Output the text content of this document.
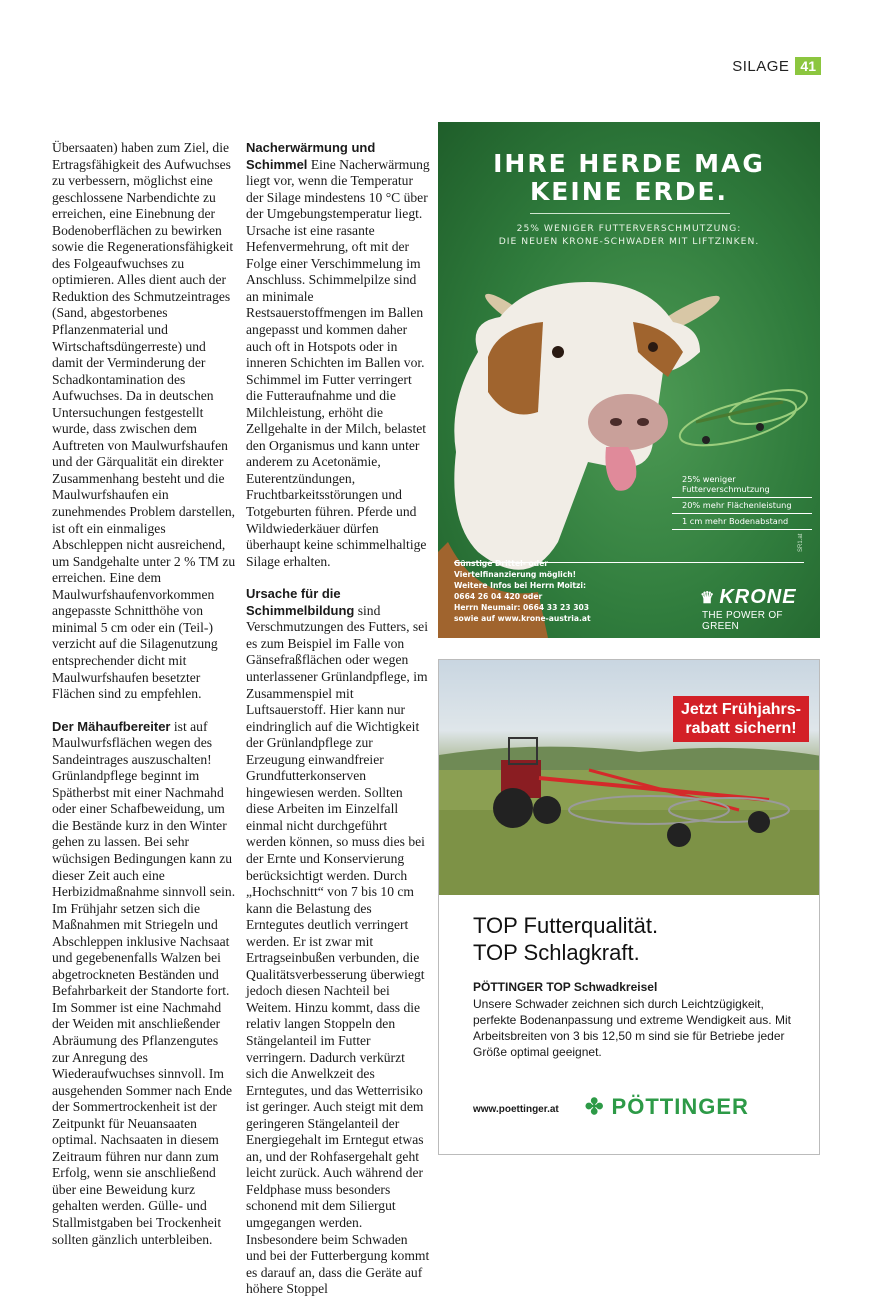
SILAGE 41

Übersaaten) haben zum Ziel, die Ertragsfähigkeit des Aufwuchses zu verbessern, möglichst eine geschlossene Narbendichte zu erreichen, eine Einebnung der Bodenoberflächen zu bewirken sowie die Regenerationsfähigkeit des Folgeaufwuchses zu optimieren. Alles dient auch der Reduktion des Schmutzeintrages (Sand, abgestorbenes Pflanzenmaterial und Wirtschaftsdüngerreste) und damit der Verminderung der Schadkontamination des Aufwuchses. Da in deutschen Untersuchungen festgestellt wurde, dass zwischen dem Auftreten von Maulwurfshaufen und der Gärqualität ein direkter Zusammenhang besteht und die Maulwurfshaufen ein zunehmendes Problem darstellen, ist oft ein einmaliges Abschleppen nicht ausreichend, um Sandgehalte unter 2 % TM zu erreichen. Eine dem Maulwurfshaufenvorkommen angepasste Schnitthöhe von minimal 5 cm oder ein (Teil-) verzicht auf die Silagenutzung entsprechender dicht mit Maulwurfshaufen besetzter Flächen sind zu empfehlen.

Der Mähaufbereiter ist auf Maulwurfsflächen wegen des Sandeintrages auszuschalten! Grünlandpflege beginnt im Spätherbst mit einer Nachmahd oder einer Schafbeweidung, um die Bestände kurz in den Winter gehen zu lassen. Bei sehr wüchsigen Bedingungen kann zu dieser Zeit auch eine Herbizidmaßnahme sinnvoll sein. Im Frühjahr setzen sich die Maßnahmen mit Striegeln und Abschleppen inklusive Nachsaat und gegebenenfalls Walzen bei abgetrockneten Beständen und Befahrbarkeit der Standorte fort. Im Sommer ist eine Nachmahd der Weiden mit anschließender Abräumung des Pflanzengutes zur Anregung des Wiederaufwuchses sinnvoll. Im ausgehenden Sommer nach Ende der Sommertrockenheit ist der Zeitpunkt für Neuansaaten optimal. Nachsaaten in diesem Zeitraum führen nur dann zum Erfolg, wenn sie anschließend über eine Beweidung kurz gehalten werden. Gülle- und Stallmistgaben bei Trockenheit sollten gänzlich unterbleiben.

Nacherwärmung und Schimmel Eine Nacherwärmung liegt vor, wenn die Temperatur der Silage mindestens 10 °C über der Umgebungstemperatur liegt. Ursache ist eine rasante Hefenvermehrung, oft mit der Folge einer Verschimmelung im Anschluss. Schimmelpilze sind an minimale Restsauerstoffmengen im Ballen angepasst und kommen daher auch oft in Hotspots oder in inneren Schichten im Ballen vor. Schimmel im Futter verringert die Futteraufnahme und die Milchleistung, erhöht die Zellgehalte in der Milch, belastet den Organismus und kann unter anderem zu Acetonämie, Euterentzündungen, Fruchtbarkeitsstörungen und Totgeburten führen. Pferde und Wildwiederkäuer dürfen überhaupt keine schimmelhaltige Silage erhalten.

Ursache für die Schimmelbildung sind Verschmutzungen des Futters, sei es zum Beispiel im Falle von Gänsefraßflächen oder wegen unterlassener Grünlandpflege, im Zusammenspiel mit Luftsauerstoff. Hier kann nur eindringlich auf die Wichtigkeit der Grünlandpflege zur Erzeugung einwandfreier Grundfutterkonserven hingewiesen werden. Sollten diese Arbeiten im Einzelfall einmal nicht durchgeführt werden können, so muss dies bei der Ernte und Konservierung berücksichtigt werden. Durch „Hochschnitt“ von 7 bis 10 cm kann die Belastung des Erntegutes deutlich verringert werden. Er ist zwar mit Ertragseinbußen verbunden, die Qualitätsverbesserung überwiegt jedoch diesen Nachteil bei Weitem. Hinzu kommt, dass die relativ langen Stoppeln den Stängelanteil im Futter verringern. Dadurch verkürzt sich die Anwelkzeit des Erntegutes, und das Wetterrisiko ist geringer. Auch steigt mit dem geringeren Stängelanteil der Energiegehalt im Erntegut etwas an, und der Rohfasergehalt geht leicht zurück. Auch während der Feldphase muss besonders schonend mit dem Siliergut umgegangen werden. Insbesondere beim Schwaden und bei der Futterbergung kommt es darauf an, dass die Geräte auf höhere Stoppel

IHRE HERDE MAG
KEINE ERDE.
25% WENIGER FUTTERVERSCHMUTZUNG:
DIE NEUEN KRONE-SCHWADER MIT LIFTZINKEN.
25% weniger Futterverschmutzung
20% mehr Flächenleistung
1 cm mehr Bodenabstand
Günstige Drittel- oder
Viertelfinanzierung möglich!
Weitere Infos bei Herrn Moitzi:
0664 26 04 420 oder
Herrn Neumair: 0664 33 23 303
sowie auf www.krone-austria.at
♛ KRONE
THE POWER OF GREEN
SR1.at
Jetzt Frühjahrs-
rabatt sichern!
TOP Futterqualität.
TOP Schlagkraft.
PÖTTINGER TOP Schwadkreisel
Unsere Schwader zeichnen sich durch Leichtzügigkeit, perfekte Bodenanpassung und extreme Wendigkeit aus. Mit Arbeitsbreiten von 3 bis 12,50 m sind sie für Betriebe jeder Größe optimal geeignet.
www.poettinger.at ✤ PÖTTINGER
